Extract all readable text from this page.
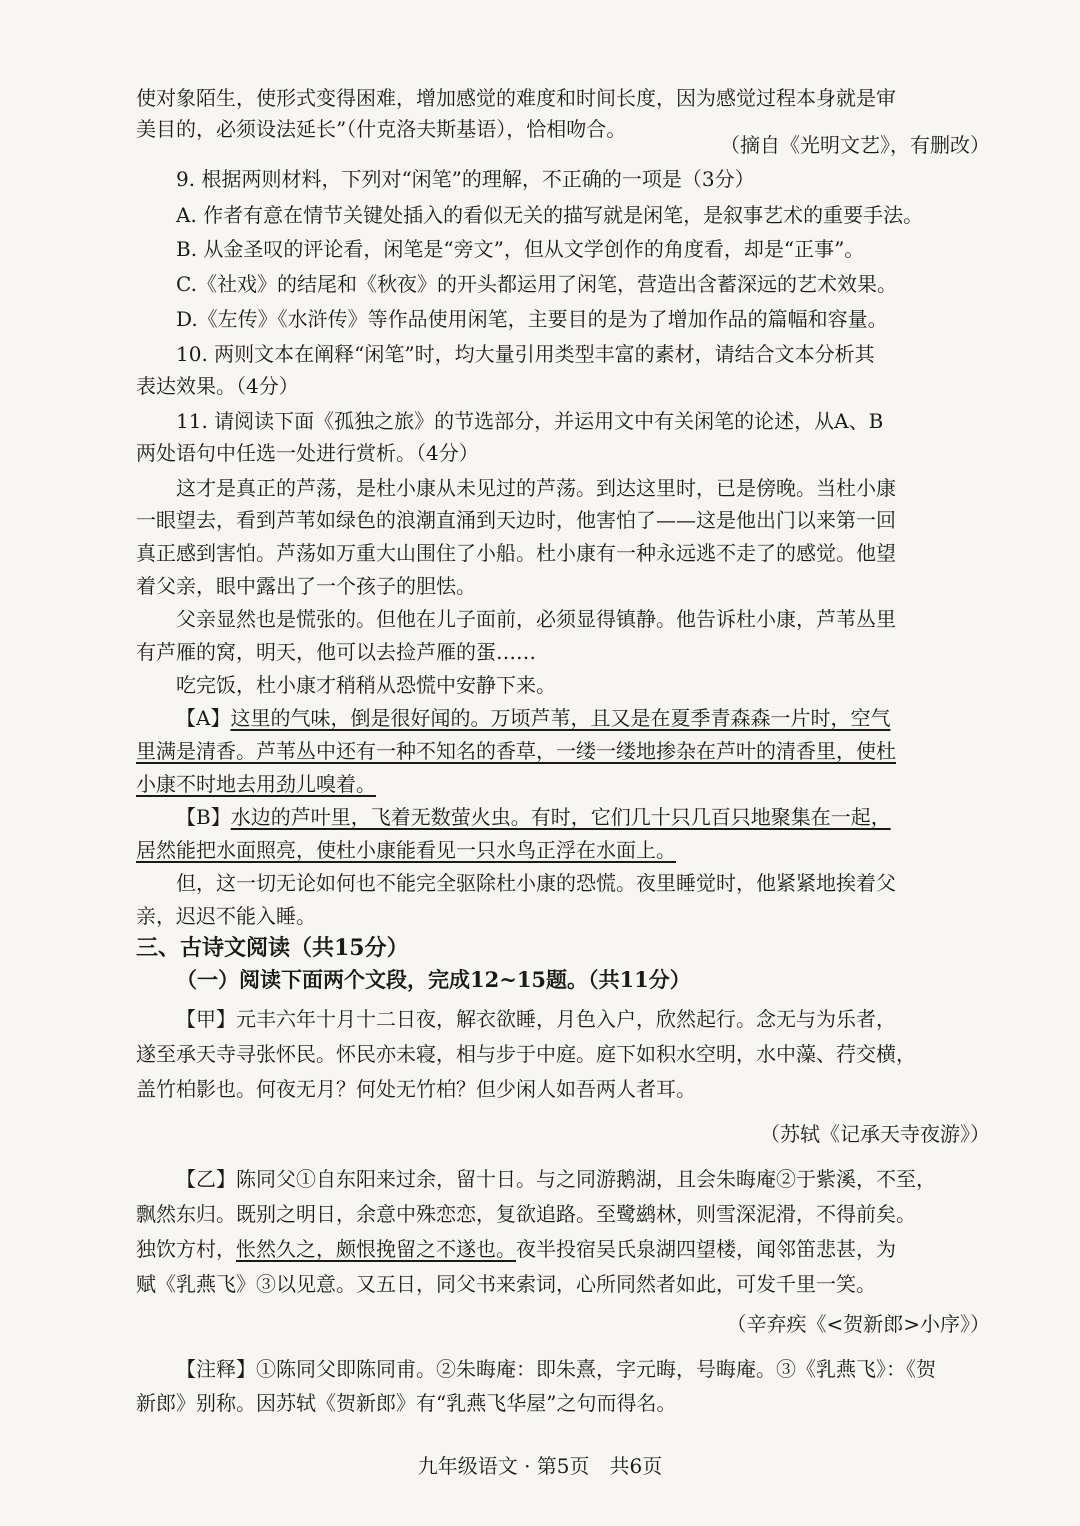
使对象陌生，使形式变得困难，增加感觉的难度和时间长度，因为感觉过程本身就是审
美目的，必须设法延长”（什克洛夫斯基语），恰相吻合。
（摘自《光明文艺》，有删改）
9. 根据两则材料，下列对“闲笔”的理解，不正确的一项是（3分）
A. 作者有意在情节关键处插入的看似无关的描写就是闲笔，是叙事艺术的重要手法。
B. 从金圣叹的评论看，闲笔是“旁文”，但从文学创作的角度看，却是“正事”。
C.《社戏》的结尾和《秋夜》的开头都运用了闲笔，营造出含蓄深远的艺术效果。
D.《左传》《水浒传》等作品使用闲笔，主要目的是为了增加作品的篇幅和容量。
10. 两则文本在阐释“闲笔”时，均大量引用类型丰富的素材，请结合文本分析其
表达效果。（4分）
11. 请阅读下面《孤独之旅》的节选部分，并运用文中有关闲笔的论述，从A、B
两处语句中任选一处进行赏析。（4分）
这才是真正的芦荡，是杜小康从未见过的芦荡。到达这里时，已是傍晚。当杜小康
一眼望去，看到芦苇如绿色的浪潮直涌到天边时，他害怕了——这是他出门以来第一回
真正感到害怕。芦荡如万重大山围住了小船。杜小康有一种永远逃不走了的感觉。他望
着父亲，眼中露出了一个孩子的胆怯。
父亲显然也是慌张的。但他在儿子面前，必须显得镇静。他告诉杜小康，芦苇丛里
有芦雁的窝，明天，他可以去捡芦雁的蛋……
吃完饭，杜小康才稍稍从恐慌中安静下来。
【A】这里的气味，倒是很好闻的。万顷芦苇，且又是在夏季青森森一片时，空气
里满是清香。芦苇丛中还有一种不知名的香草，一缕一缕地掺杂在芦叶的清香里，使杜
小康不时地去用劲儿嗅着。
【B】水边的芦叶里，飞着无数萤火虫。有时，它们几十只几百只地聚集在一起，
居然能把水面照亮，使杜小康能看见一只水鸟正浮在水面上。
但，这一切无论如何也不能完全驱除杜小康的恐慌。夜里睡觉时，他紧紧地挨着父
亲，迟迟不能入睡。
三、古诗文阅读（共15分）
（一）阅读下面两个文段，完成12~15题。（共11分）
【甲】元丰六年十月十二日夜，解衣欲睡，月色入户，欣然起行。念无与为乐者，
遂至承天寺寻张怀民。怀民亦未寝，相与步于中庭。庭下如积水空明，水中藻、荇交横，
盖竹柏影也。何夜无月？何处无竹柏？但少闲人如吾两人者耳。
（苏轼《记承天寺夜游》）
【乙】陈同父①自东阳来过余，留十日。与之同游鹅湖，且会朱晦庵②于紫溪，不至，
飘然东归。既别之明日，余意中殊恋恋，复欲追路。至鹭鹚林，则雪深泥滑，不得前矣。
独饮方村，怅然久之，颇恨挽留之不遂也。夜半投宿吴氏泉湖四望楼，闻邻笛悲甚，为
赋《乳燕飞》③以见意。又五日，同父书来索词，心所同然者如此，可发千里一笑。
（辛弃疾《<贺新郎>小序》）
【注释】①陈同父即陈同甫。②朱晦庵：即朱熹，字元晦，号晦庵。③《乳燕飞》：《贺
新郎》别称。因苏轼《贺新郎》有“乳燕飞华屋”之句而得名。
九年级语文 · 第5页　共6页
